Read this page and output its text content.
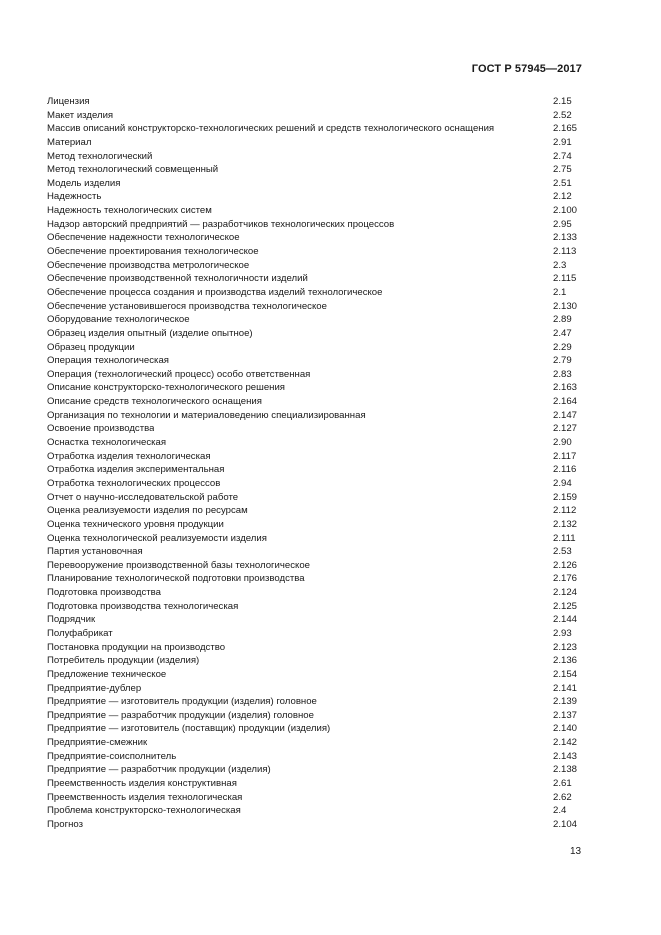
ГОСТ Р 57945—2017
Лицензия	2.15
Макет изделия	2.52
Массив описаний конструкторско-технологических решений и средств технологического оснащения	2.165
Материал	2.91
Метод технологический	2.74
Метод технологический совмещенный	2.75
Модель изделия	2.51
Надежность	2.12
Надежность технологических систем	2.100
Надзор авторский предприятий — разработчиков технологических процессов	2.95
Обеспечение надежности технологическое	2.133
Обеспечение проектирования технологическое	2.113
Обеспечение производства метрологическое	2.3
Обеспечение производственной технологичности изделий	2.115
Обеспечение процесса создания и производства изделий технологическое	2.1
Обеспечение установившегося производства технологическое	2.130
Оборудование технологическое	2.89
Образец изделия опытный (изделие опытное)	2.47
Образец продукции	2.29
Операция технологическая	2.79
Операция (технологический процесс) особо ответственная	2.83
Описание конструкторско-технологического решения	2.163
Описание средств технологического оснащения	2.164
Организация по технологии и материаловедению специализированная	2.147
Освоение производства	2.127
Оснастка технологическая	2.90
Отработка изделия технологическая	2.117
Отработка изделия экспериментальная	2.116
Отработка технологических процессов	2.94
Отчет о научно-исследовательской работе	2.159
Оценка реализуемости изделия по ресурсам	2.112
Оценка технического уровня продукции	2.132
Оценка технологической реализуемости изделия	2.111
Партия установочная	2.53
Перевооружение производственной базы технологическое	2.126
Планирование технологической подготовки производства	2.176
Подготовка производства	2.124
Подготовка производства технологическая	2.125
Подрядчик	2.144
Полуфабрикат	2.93
Постановка продукции на производство	2.123
Потребитель продукции (изделия)	2.136
Предложение техническое	2.154
Предприятие-дублер	2.141
Предприятие — изготовитель продукции (изделия) головное	2.139
Предприятие — разработчик продукции (изделия) головное	2.137
Предприятие — изготовитель (поставщик) продукции (изделия)	2.140
Предприятие-смежник	2.142
Предприятие-соисполнитель	2.143
Предприятие — разработчик продукции (изделия)	2.138
Преемственность изделия конструктивная	2.61
Преемственность изделия технологическая	2.62
Проблема конструкторско-технологическая	2.4
Прогноз	2.104
13
